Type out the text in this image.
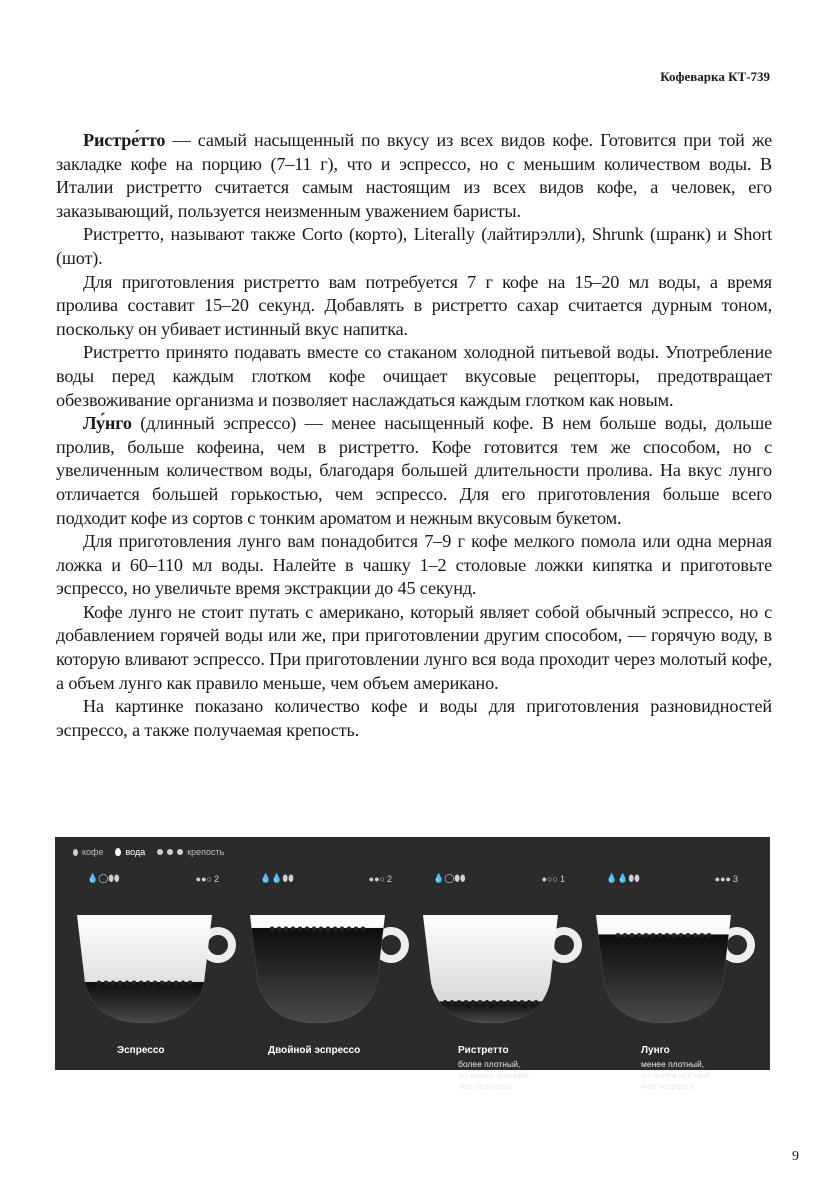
Кофеварка КТ-739

Ристре́тто — самый насыщенный по вкусу из всех видов кофе. Готовится при той же закладке кофе на порцию (7–11 г), что и эспрессо, но с меньшим количеством воды. В Италии ристретто считается самым настоящим из всех видов кофе, а человек, его заказывающий, пользуется неизменным уважением баристы.

Ристретто, называют также Corto (корто), Literally (лайтирэлли), Shrunk (шранк) и Short (шот).

Для приготовления ристретто вам потребуется 7 г кофе на 15–20 мл воды, а время пролива составит 15–20 секунд. Добавлять в ристретто сахар считается дурным тоном, поскольку он убивает истинный вкус напитка.

Ристретто принято подавать вместе со стаканом холодной питьевой воды. Употребление воды перед каждым глотком кофе очищает вкусовые рецепторы, предотвращает обезвоживание организма и позволяет наслаждаться каждым глотком как новым.

Лу́нго (длинный эспрессо) — менее насыщенный кофе. В нем больше воды, дольше пролив, больше кофеина, чем в ристретто. Кофе готовится тем же способом, но с увеличенным количеством воды, благодаря большей длительности пролива. На вкус лунго отличается большей горькостью, чем эспрессо. Для его приготовления больше всего подходит кофе из сортов с тонким ароматом и нежным вкусовым букетом.

Для приготовления лунго вам понадобится 7–9 г кофе мелкого помола или одна мерная ложка и 60–110 мл воды. Налейте в чашку 1–2 столовые ложки кипятка и приготовьте эспрессо, но увеличьте время экстракции до 45 секунд.

Кофе лунго не стоит путать с американо, который являет собой обычный эспрессо, но с добавлением горячей воды или же, при приготовлении другим способом, — горячую воду, в которую вливают эспрессо. При приготовлении лунго вся вода проходит через молотый кофе, а объем лунго как правило меньше, чем объем американо.

На картинке показано количество кофе и воды для приготовления разновидностей эспрессо, а также получаемая крепость.

кофе вода	крепость
💧◯⬮⬮	●●○ 2
Эспрессо
💧💧⬮⬮	●●○ 2
Двойной эспрессо
💧◯⬮⬮	●○○ 1
Ристретто
более плотный,
но менее крепкий,
чем эспрессо
💧💧⬮⬮	●●● 3
Лунго
менее плотный,
но более крепкий,
чем эспрессо
9
